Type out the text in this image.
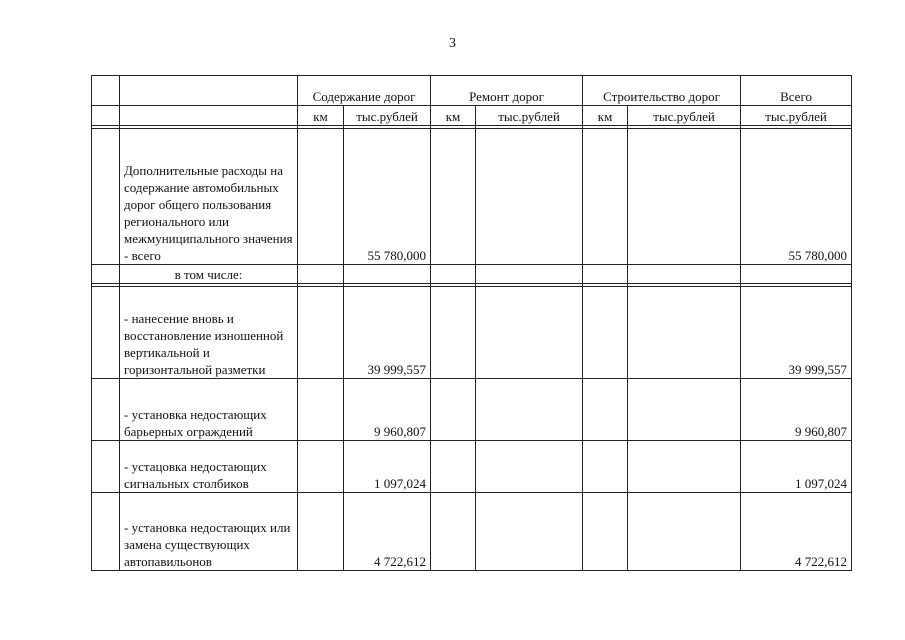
3
		Содержание дорог		Ремонт дорог		Строительство дорог		Всего
		км	тыс.рублей	км	тыс.рублей	км	тыс.рублей	тыс.рублей

	Дополнительные расходы на содержание автомобильных дорог общего пользования регионального или межмуниципального значения - всего		55 780,000					55 780,000
	в том числе:							

	- нанесение вновь и восстановление изношенной вертикальной и горизонтальной разметки		39 999,557					39 999,557
	- установка недостающих барьерных ограждений		9 960,807					9 960,807
	- устацовка недостающих сигнальных столбиков		1 097,024					1 097,024
	- установка недостающих или замена существующих автопавильонов		4 722,612					4 722,612
